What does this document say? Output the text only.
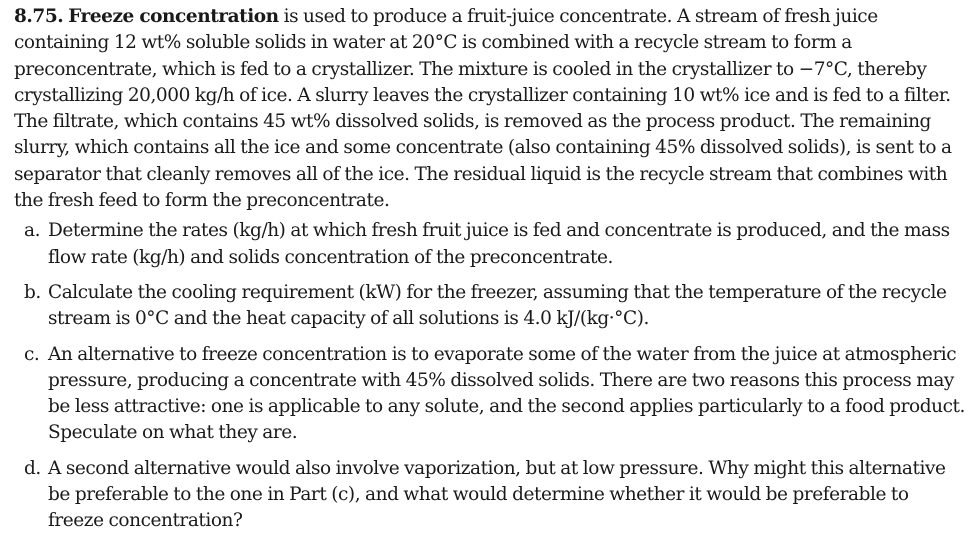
8.75. Freeze concentration is used to produce a fruit-juice concentrate. A stream of fresh juice containing 12 wt% soluble solids in water at 20°C is combined with a recycle stream to form a preconcentrate, which is fed to a crystallizer. The mixture is cooled in the crystallizer to −7°C, thereby crystallizing 20,000 kg/h of ice. A slurry leaves the crystallizer containing 10 wt% ice and is fed to a filter. The filtrate, which contains 45 wt% dissolved solids, is removed as the process product. The remaining slurry, which contains all the ice and some concentrate (also containing 45% dissolved solids), is sent to a separator that cleanly removes all of the ice. The residual liquid is the recycle stream that combines with the fresh feed to form the preconcentrate.

a. Determine the rates (kg/h) at which fresh fruit juice is fed and concentrate is produced, and the mass flow rate (kg/h) and solids concentration of the preconcentrate.
b. Calculate the cooling requirement (kW) for the freezer, assuming that the temperature of the recycle stream is 0°C and the heat capacity of all solutions is 4.0 kJ/(kg·°C).
c. An alternative to freeze concentration is to evaporate some of the water from the juice at atmospheric pressure, producing a concentrate with 45% dissolved solids. There are two reasons this process may be less attractive: one is applicable to any solute, and the second applies particularly to a food product. Speculate on what they are.
d. A second alternative would also involve vaporization, but at low pressure. Why might this alternative be preferable to the one in Part (c), and what would determine whether it would be preferable to freeze concentration?
